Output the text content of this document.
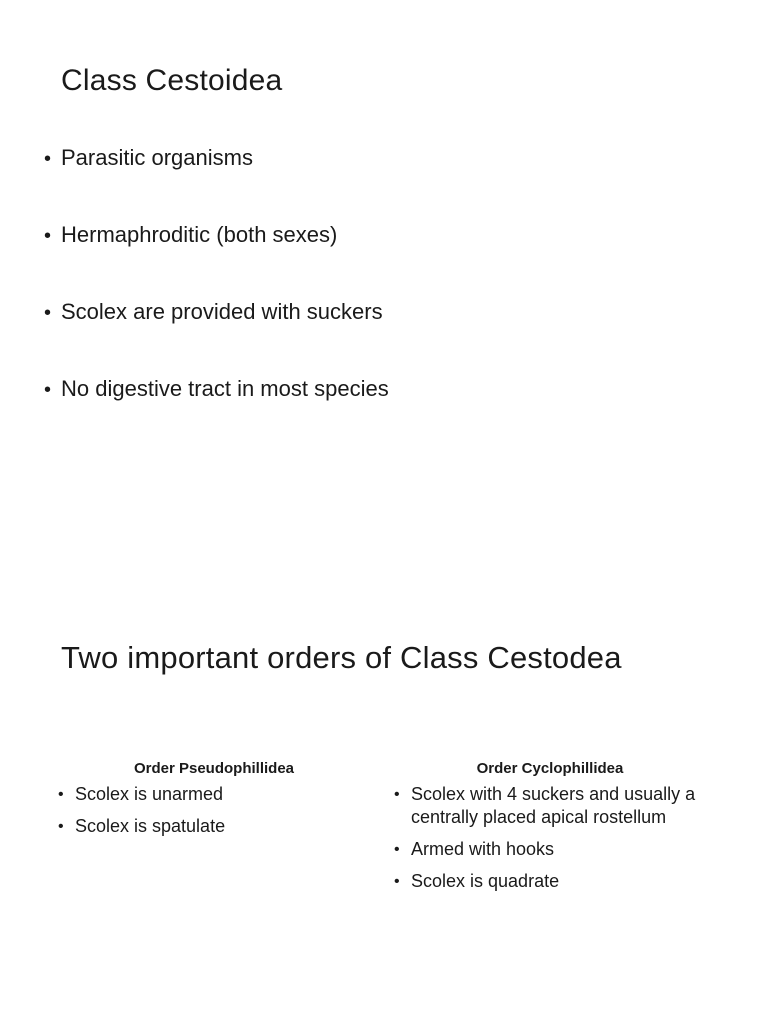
Class Cestoidea
• Parasitic organisms
• Hermaphroditic (both sexes)
• Scolex are provided with suckers
• No digestive tract in most species
Two important orders of Class Cestodea
Order Pseudophillidea
• Scolex is unarmed
• Scolex is spatulate
Order Cyclophillidea
• Scolex with 4 suckers and usually a centrally placed apical rostellum
• Armed with hooks
• Scolex is quadrate
